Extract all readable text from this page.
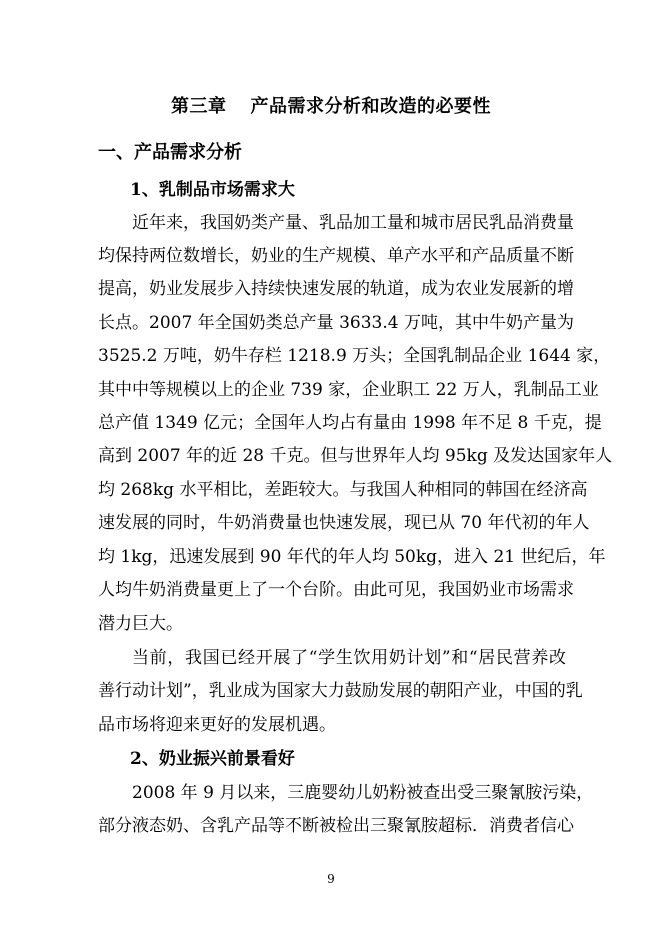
第三章 产品需求分析和改造的必要性
一、产品需求分析
1、乳制品市场需求大
近年来，我国奶类产量、乳品加工量和城市居民乳品消费量
均保持两位数增长，奶业的生产规模、单产水平和产品质量不断
提高，奶业发展步入持续快速发展的轨道，成为农业发展新的增
长点。2007 年全国奶类总产量 3633.4 万吨，其中牛奶产量为
3525.2 万吨，奶牛存栏 1218.9 万头；全国乳制品企业 1644 家，
其中中等规模以上的企业 739 家，企业职工 22 万人，乳制品工业
总产值 1349 亿元；全国年人均占有量由 1998 年不足 8 千克，提
高到 2007 年的近 28 千克。但与世界年人均 95kg 及发达国家年人
均 268kg 水平相比，差距较大。与我国人种相同的韩国在经济高
速发展的同时，牛奶消费量也快速发展，现已从 70 年代初的年人
均 1kg，迅速发展到 90 年代的年人均 50kg，进入 21 世纪后，年
人均牛奶消费量更上了一个台阶。由此可见，我国奶业市场需求
潜力巨大。
当前，我国已经开展了“学生饮用奶计划”和“居民营养改
善行动计划”，乳业成为国家大力鼓励发展的朝阳产业，中国的乳
品市场将迎来更好的发展机遇。
2、奶业振兴前景看好
2008 年 9 月以来，三鹿婴幼儿奶粉被查出受三聚氰胺污染，
部分液态奶、含乳产品等不断被检出三聚氰胺超标．消费者信心
9
